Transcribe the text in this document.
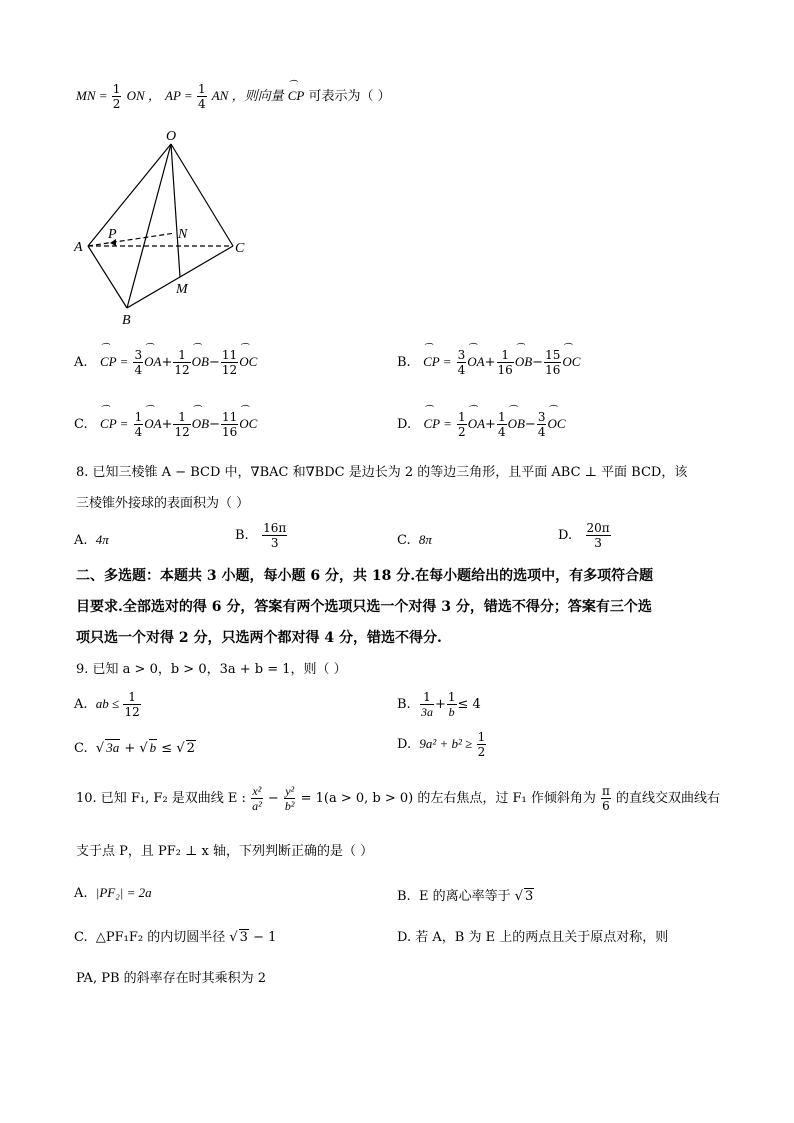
MN = $\frac{1}{2}$ ON ， AP = $\frac{1}{4}$ AN ，则向量 ⏜ CP 可表示为（ ）
O
A
B
C
P	N
M
A. ⏜ CP = $\frac{3}{4}$ ⏜ $OA+ \frac{1}{12}$ ⏜ $OB- \frac{11}{12}$ ⏜ OC	B. ⏜ CP = $\frac{3}{4}$ ⏜ $OA+ \frac{1}{16}$ ⏜ $OB- \frac{15}{16}$ ⏜ OC
C. ⏜ CP = $\frac{1}{4}$ ⏜ $OA+ \frac{1}{12}$ ⏜ $OB- \frac{11}{16}$ ⏜ OC	D. ⏜ CP = $\frac{1}{2}$ ⏜ $OA+ \frac{1}{4}$ ⏜ $OB- \frac{3}{4}$ ⏜ OC
8. 已知三棱锥 A − BCD 中，∇BAC 和∇BDC 是边长为 2 的等边三角形，且平面 ABC ⊥ 平面 BCD，该
三棱锥外接球的表面积为（ ）
A. 4π	B. $\frac{16\pi}{3}$	C. 8π	D. $\frac{20\pi}{3}$
二、多选题：本题共 3 小题，每小题 6 分，共 18 分.在每小题给出的选项中，有多项符合题
目要求.全部选对的得 6 分，答案有两个选项只选一个对得 3 分，错选不得分；答案有三个选
项只选一个对得 2 分，只选两个都对得 4 分，错选不得分.
9. 已知 a > 0，b > 0，3a + b = 1，则（ ）
A. ab ≤ $\frac{1}{12}$	B. $\frac{1}{3a} + \frac{1}{b} \le 4$
C.  √ 3a + √ b ≤ √ 2	D. $9a^2 + b^2 \ge \frac{1}{2}$
10. 已知 F₁, F₂ 是双曲线 E : $\frac{\text{x²}}{\text{a²}} - \frac{\text{y²}}{\text{b²}} = 1(a > 0$, b > 0) 的左右焦点，过 F₁ 作倾斜角为 $\frac{\pi}{6}$ 的直线交双曲线右
支于点 P，且 PF₂ ⊥ x 轴，下列判断正确的是（ ）
A. |PF₂| = 2a	B. E 的离心率等于 √ 3
C. △PF₁F₂ 的内切圆半径 √ 3 − 1	D. 若 A，B 为 E 上的两点且关于原点对称，则
PA, PB 的斜率存在时其乘积为 2
